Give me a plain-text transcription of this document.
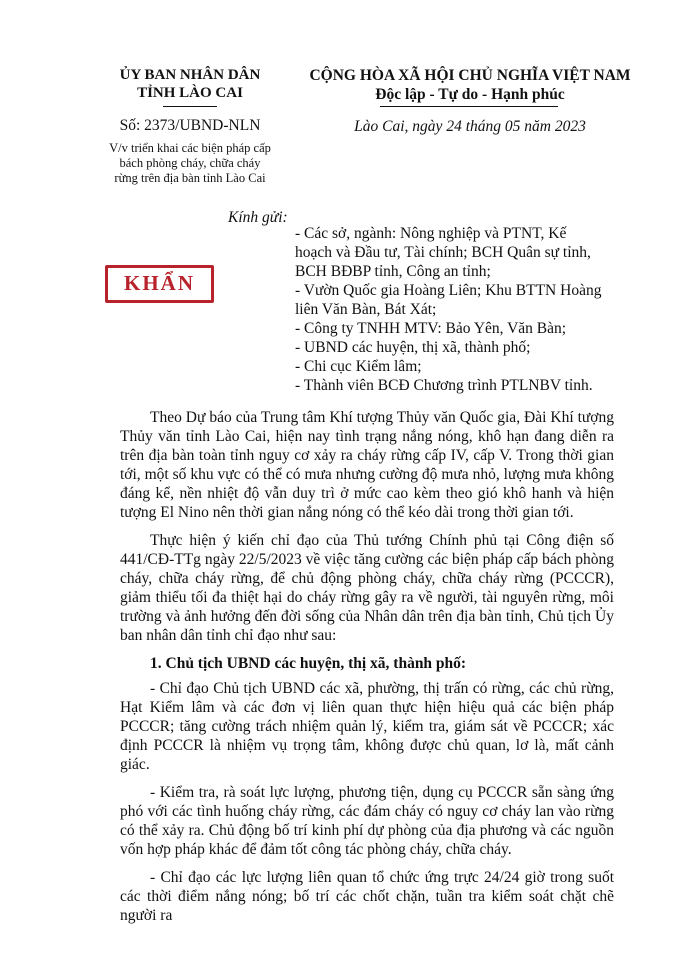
ỦY BAN NHÂN DÂN
TỈNH LÀO CAI
Số: 2373/UBND-NLN
V/v triển khai các biện pháp cấp
bách phòng cháy, chữa cháy
rừng trên địa bàn tỉnh Lào Cai
CỘNG HÒA XÃ HỘI CHỦ NGHĨA VIỆT NAM
Độc lập - Tự do - Hạnh phúc
Lào Cai, ngày 24 tháng 05 năm 2023
KHẨN
Kính gửi:
- Các sở, ngành: Nông nghiệp và PTNT, Kế
hoạch và Đầu tư, Tài chính; BCH Quân sự tỉnh,
BCH BĐBP tỉnh, Công an tỉnh;
- Vườn Quốc gia Hoàng Liên; Khu BTTN Hoàng
liên Văn Bàn, Bát Xát;
- Công ty TNHH MTV: Bảo Yên, Văn Bàn;
- UBND các huyện, thị xã, thành phố;
- Chi cục Kiểm lâm;
- Thành viên BCĐ Chương trình PTLNBV tỉnh.

Theo Dự báo của Trung tâm Khí tượng Thủy văn Quốc gia, Đài Khí tượng Thủy văn tỉnh Lào Cai, hiện nay tình trạng nắng nóng, khô hạn đang diễn ra trên địa bàn toàn tỉnh nguy cơ xảy ra cháy rừng cấp IV, cấp V. Trong thời gian tới, một số khu vực có thể có mưa nhưng cường độ mưa nhỏ, lượng mưa không đáng kể, nền nhiệt độ vẫn duy trì ở mức cao kèm theo gió khô hanh và hiện tượng El Nino nên thời gian nắng nóng có thể kéo dài trong thời gian tới.

Thực hiện ý kiến chỉ đạo của Thủ tướng Chính phủ tại Công điện số 441/CĐ-TTg ngày 22/5/2023 về việc tăng cường các biện pháp cấp bách phòng cháy, chữa cháy rừng, để chủ động phòng cháy, chữa cháy rừng (PCCCR), giảm thiểu tối đa thiệt hại do cháy rừng gây ra về người, tài nguyên rừng, môi trường và ảnh hưởng đến đời sống của Nhân dân trên địa bàn tỉnh, Chủ tịch Ủy ban nhân dân tỉnh chỉ đạo như sau:

1. Chủ tịch UBND các huyện, thị xã, thành phố:

- Chỉ đạo Chủ tịch UBND các xã, phường, thị trấn có rừng, các chủ rừng, Hạt Kiểm lâm và các đơn vị liên quan thực hiện hiệu quả các biện pháp PCCCR; tăng cường trách nhiệm quản lý, kiểm tra, giám sát về PCCCR; xác định PCCCR là nhiệm vụ trọng tâm, không được chủ quan, lơ là, mất cảnh giác.

- Kiểm tra, rà soát lực lượng, phương tiện, dụng cụ PCCCR sẵn sàng ứng phó với các tình huống cháy rừng, các đám cháy có nguy cơ cháy lan vào rừng có thể xảy ra. Chủ động bố trí kinh phí dự phòng của địa phương và các nguồn vốn hợp pháp khác để đảm tốt công tác phòng cháy, chữa cháy.

- Chỉ đạo các lực lượng liên quan tổ chức ứng trực 24/24 giờ trong suốt các thời điểm nắng nóng; bố trí các chốt chặn, tuần tra kiểm soát chặt chẽ người ra
